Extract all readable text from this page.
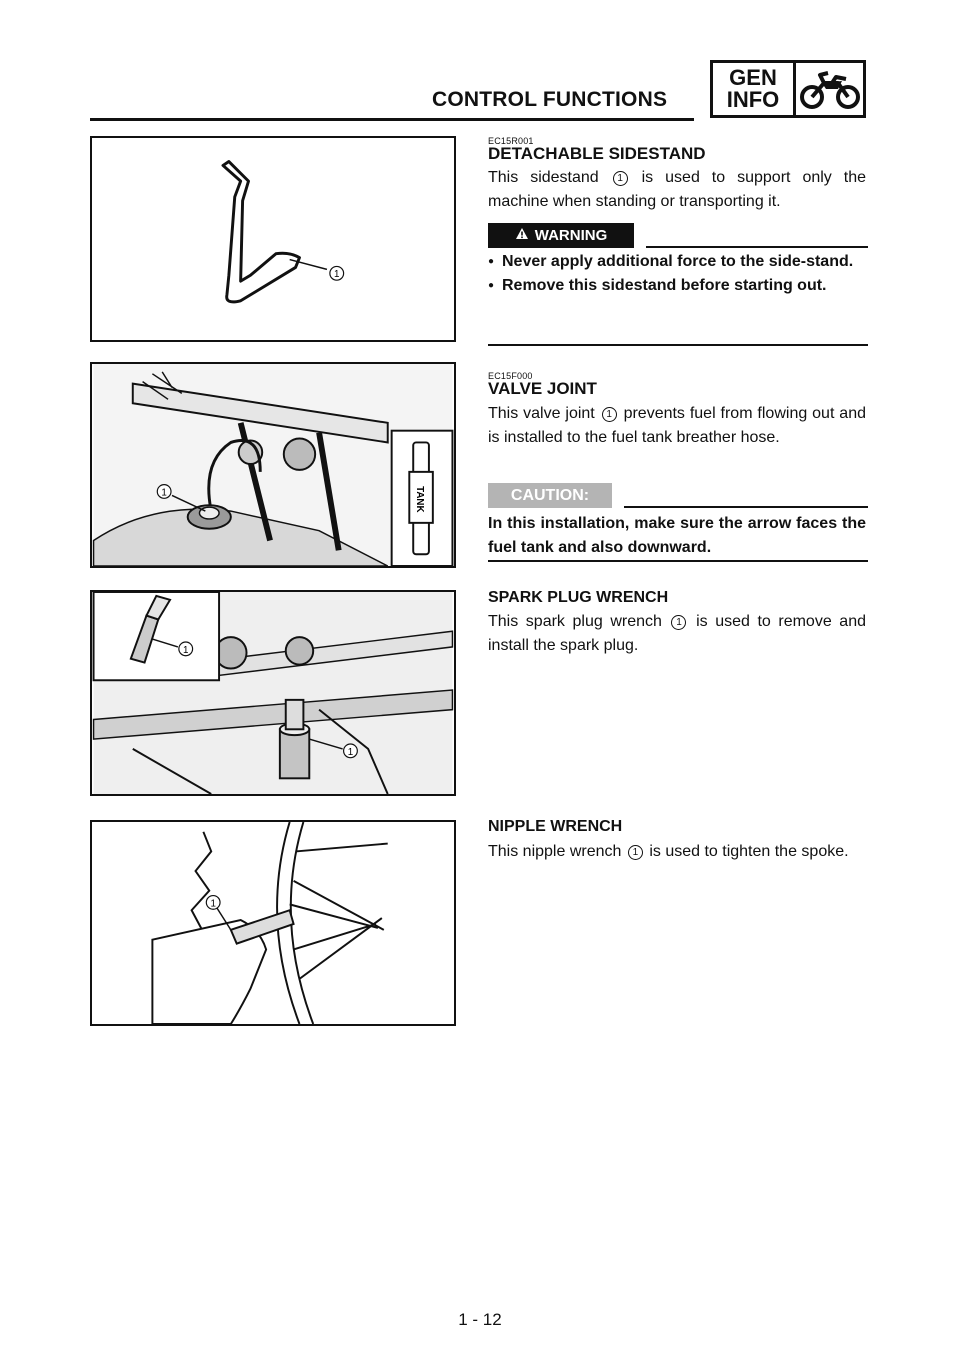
CONTROL FUNCTIONS
GEN
INFO
1
TANK
1
1
1
1
EC15R001
DETACHABLE SIDESTAND
This sidestand 1 is used to support only the machine when standing or transporting it.
WARNING
● Never apply additional force to the side-stand.
● Remove this sidestand before starting out.
EC15F000
VALVE JOINT
This valve joint 1 prevents fuel from flowing out and is installed to the fuel tank breather hose.
CAUTION:
In this installation, make sure the arrow faces the fuel tank and also downward.
SPARK PLUG WRENCH
This spark plug wrench 1 is used to remove and install the spark plug.
NIPPLE WRENCH
This nipple wrench 1 is used to tighten the spoke.
1 - 12
